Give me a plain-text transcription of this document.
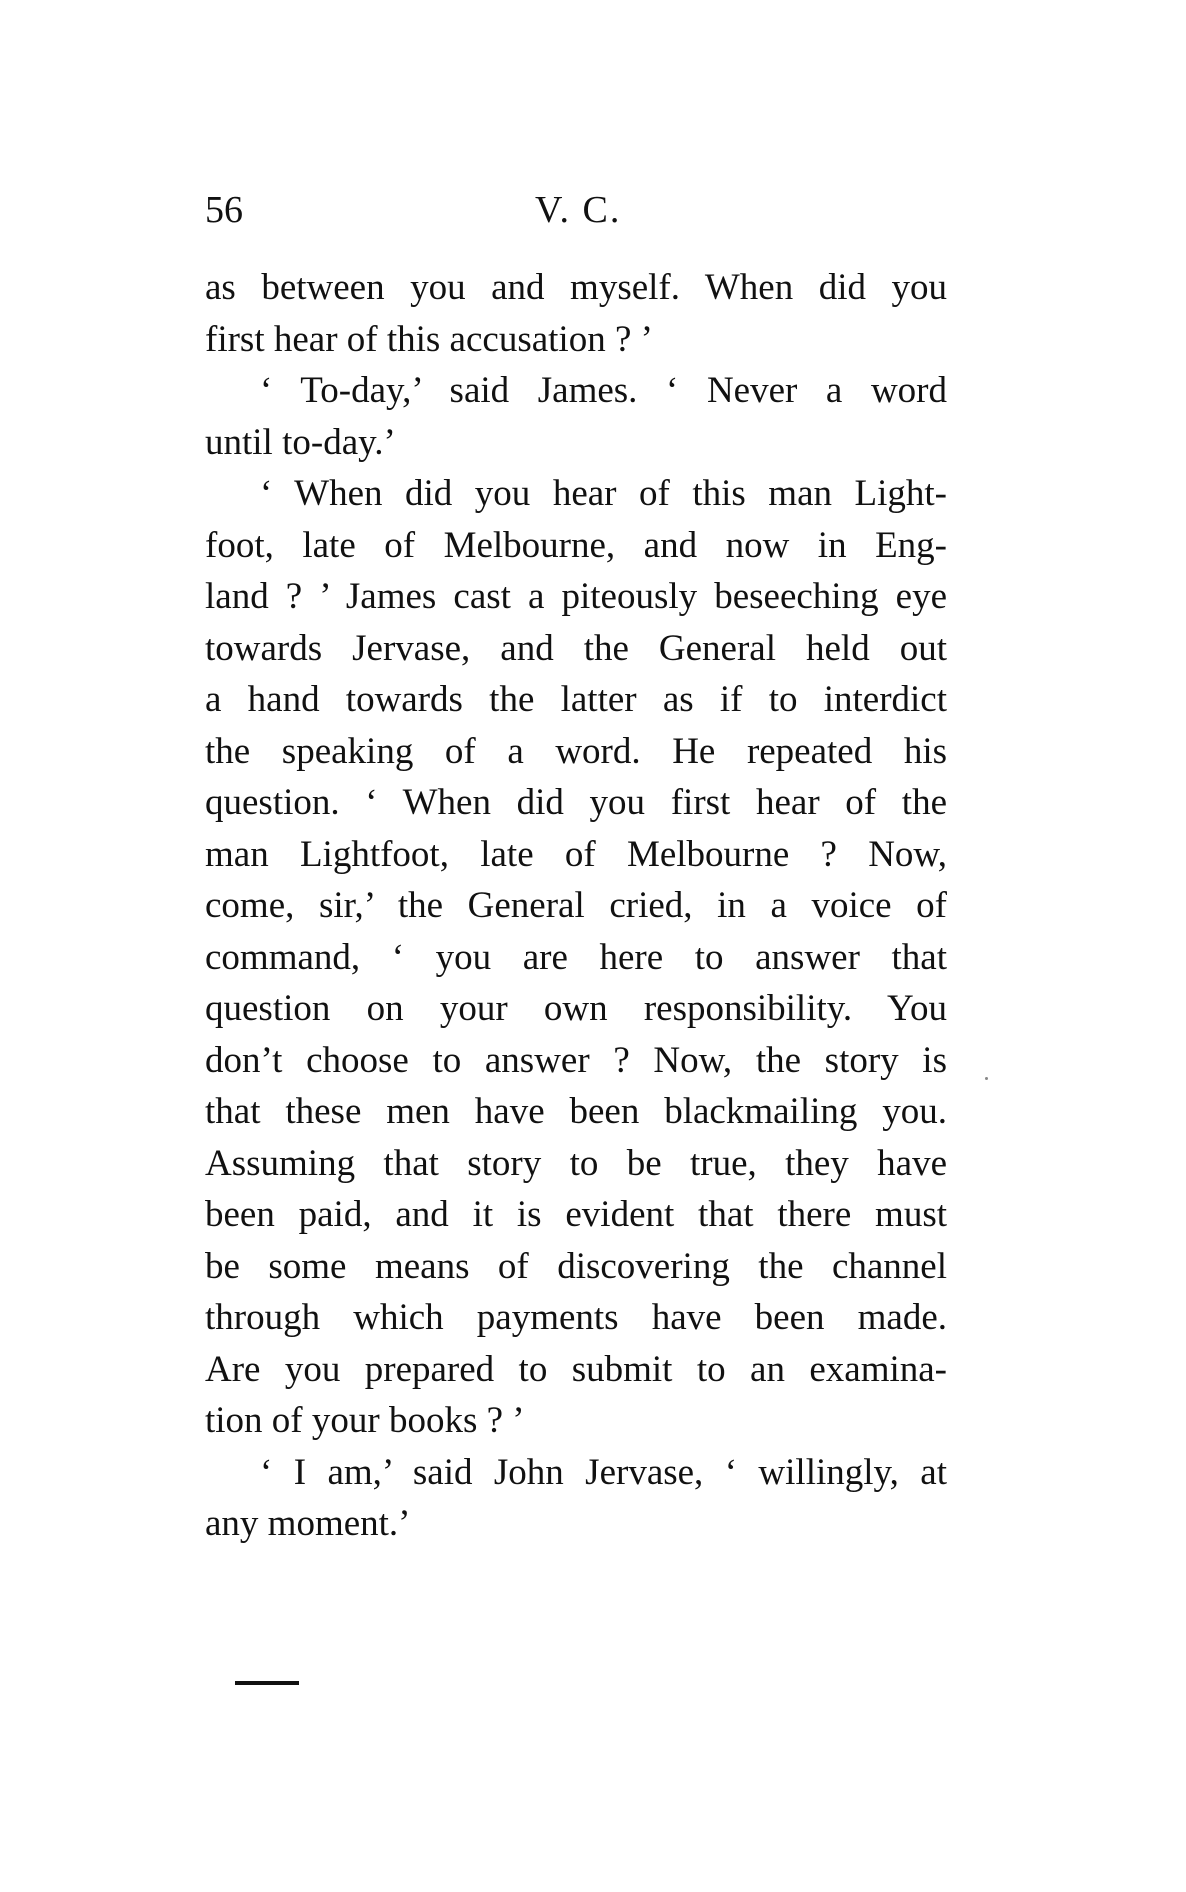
56	V. C.
as between you and myself. When did you
first hear of this accusation ? ’
‘ To-day,’ said James. ‘ Never a word
until to-day.’
‘ When did you hear of this man Light-
foot, late of Melbourne, and now in Eng-
land ? ’ James cast a piteously beseeching eye
towards Jervase, and the General held out
a hand towards the latter as if to interdict
the speaking of a word. He repeated his
question. ‘ When did you first hear of the
man Lightfoot, late of Melbourne ? Now,
come, sir,’ the General cried, in a voice of
command, ‘ you are here to answer that
question on your own responsibility. You
don’t choose to answer ? Now, the story is
that these men have been blackmailing you.
Assuming that story to be true, they have
been paid, and it is evident that there must
be some means of discovering the channel
through which payments have been made.
Are you prepared to submit to an examina-
tion of your books ? ’
‘ I am,’ said John Jervase, ‘ willingly, at
any moment.’
